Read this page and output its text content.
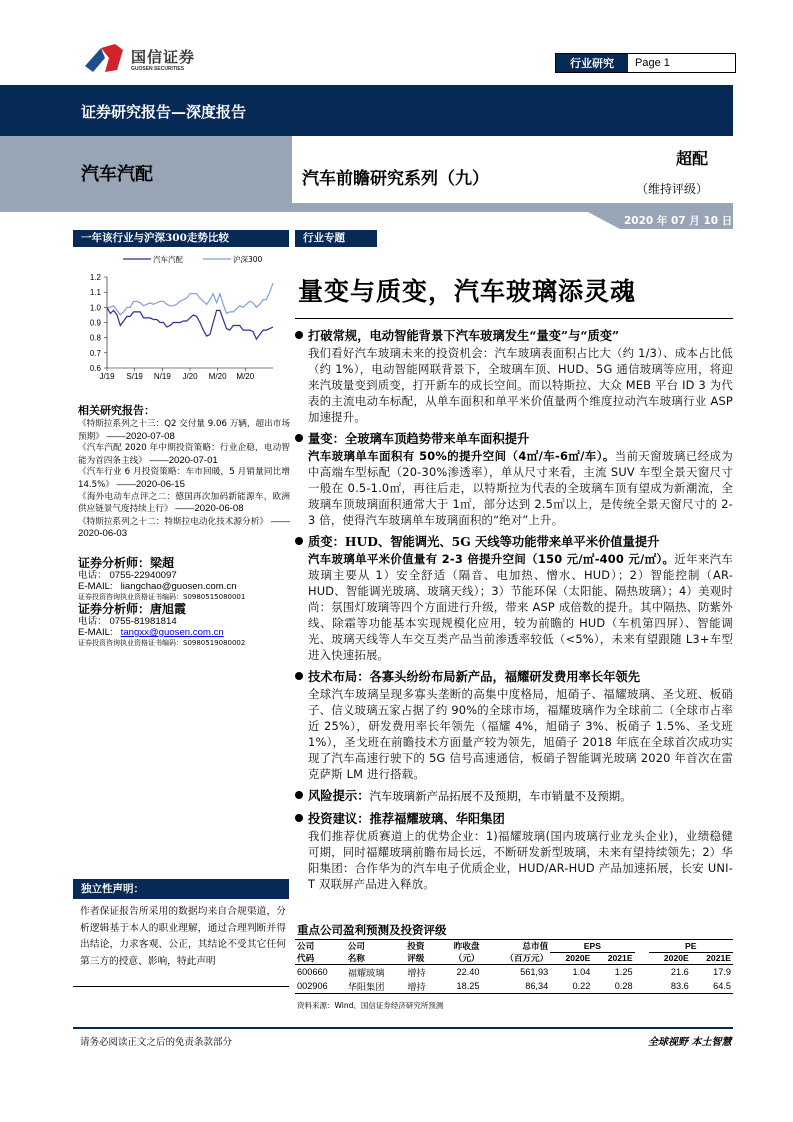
国信证券
GUOSEN SECURITIES	行业研究	Page 1
证券研究报告—深度报告
汽车汽配	汽车前瞻研究系列（九）
超配
（维持评级）
2020 年 07 月 10 日
一年该行业与沪深300走势比较	行业专题
1.2
1.1
1.0
0.9
0.8
0.7
0.6
J/19 S/19 N/19 J/20 M/20 M/20
汽车汽配	沪深300
量变与质变，汽车玻璃添灵魂
打破常规，电动智能背景下汽车玻璃发生“量变”与“质变”

我们看好汽车玻璃未来的投资机会：汽车玻璃表面积占比大（约 1/3）、成本占比低（约 1%），电动智能网联背景下，全玻璃车顶、HUD、5G 通信玻璃等应用，将迎来汽玻量变到质变，打开新车的成长空间。而以特斯拉、大众 MEB 平台 ID 3 为代表的主流电动车标配，从单车面积和单平米价值量两个维度拉动汽车玻璃行业 ASP 加速提升。

量变：全玻璃车顶趋势带来单车面积提升

汽车玻璃单车面积有 50%的提升空间（4㎡/车-6㎡/车）。当前天窗玻璃已经成为中高端车型标配（20-30%渗透率），单从尺寸来看，主流 SUV 车型全景天窗尺寸一般在 0.5-1.0㎡，再往后走，以特斯拉为代表的全玻璃车顶有望成为新潮流，全玻璃车顶玻璃面积通常大于 1㎡，部分达到 2.5㎡以上，是传统全景天窗尺寸的 2-3 倍，使得汽车玻璃单车玻璃面积的“绝对”上升。

质变：HUD、智能调光、5G 天线等功能带来单平米价值量提升

汽车玻璃单平米价值量有 2-3 倍提升空间（150 元/㎡-400 元/㎡）。近年来汽车玻璃主要从 1）安全舒适（隔音、电加热、憎水、HUD）；2）智能控制（AR-HUD、智能调光玻璃、玻璃天线）；3）节能环保（太阳能、隔热玻璃）；4）美观时尚：氛围灯玻璃等四个方面进行升级，带来 ASP 成倍数的提升。其中隔热、防紫外线、除霜等功能基本实现规模化应用，较为前瞻的 HUD（车机第四屏）、智能调光、玻璃天线等人车交互类产品当前渗透率较低（<5%），未来有望跟随 L3+车型进入快速拓展。

技术布局：各寡头纷纷布局新产品，福耀研发费用率长年领先

全球汽车玻璃呈现多寡头垄断的高集中度格局，旭硝子、福耀玻璃、圣戈班、板硝子、信义玻璃五家占据了约 90%的全球市场，福耀玻璃作为全球前二（全球市占率近 25%），研发费用率长年领先（福耀 4%，旭硝子 3%、板硝子 1.5%、圣戈班 1%），圣戈班在前瞻技术方面量产较为领先，旭硝子 2018 年底在全球首次成功实现了汽车高速行驶下的 5G 信号高速通信，板硝子智能调光玻璃 2020 年首次在雷克萨斯 LM 进行搭载。

风险提示：汽车玻璃新产品拓展不及预期，车市销量不及预期。
投资建议：推荐福耀玻璃、华阳集团

我们推荐优质赛道上的优势企业：1)福耀玻璃(国内玻璃行业龙头企业)，业绩稳健可期，同时福耀玻璃前瞻布局长远，不断研发新型玻璃，未来有望持续领先；2）华阳集团：合作华为的汽车电子优质企业，HUD/AR-HUD 产品加速拓展，长安 UNI-T 双联屏产品进入释放。

相关研究报告：
《特斯拉系列之十三：Q2 交付量 9.06 万辆，超出市场预期》 ——2020-07-08
《汽车汽配 2020 年中期投资策略：行业企稳，电动智能为首四条主线》 ——2020-07-01
《汽车行业 6 月投资策略：车市回暖，5 月销量同比增 14.5%》 ——2020-06-15
《海外电动车点评之二：德国再次加码新能源车，欧洲供应链景气度持续上行》 ——2020-06-08
《特斯拉系列之十二：特斯拉电动化技术源分析》 ——2020-06-03
证券分析师：梁超
电话： 0755-22940097
E-MAIL: liangchao@guosen.com.cn
证券投资咨询执业资格证书编码：S0980515080001
证券分析师：唐旭霞
电话： 0755-81981814
E-MAIL: tangxx@guosen.com.cn
证券投资咨询执业资格证书编码：S0980519080002
独立性声明：
作者保证报告所采用的数据均来自合规渠道，分析逻辑基于本人的职业理解，通过合理判断并得出结论，力求客观、公正，其结论不受其它任何第三方的授意、影响，特此声明
重点公司盈利预测及投资评级
公司	公司	投资	昨收盘	总市值	EPS			PE	
代码	名称	评级	（元）	（百万元）	2020E	2021E		2020E	2021E
600660	福耀玻璃	增持	22.40	561,93	1.04	1.25		21.6	17.9
002906	华阳集团	增持	18.25	86,34	0.22	0.28		83.6	64.5
资料来源：Wind、国信证券经济研究所预测
请务必阅读正文之后的免责条款部分	全球视野 本土智慧
